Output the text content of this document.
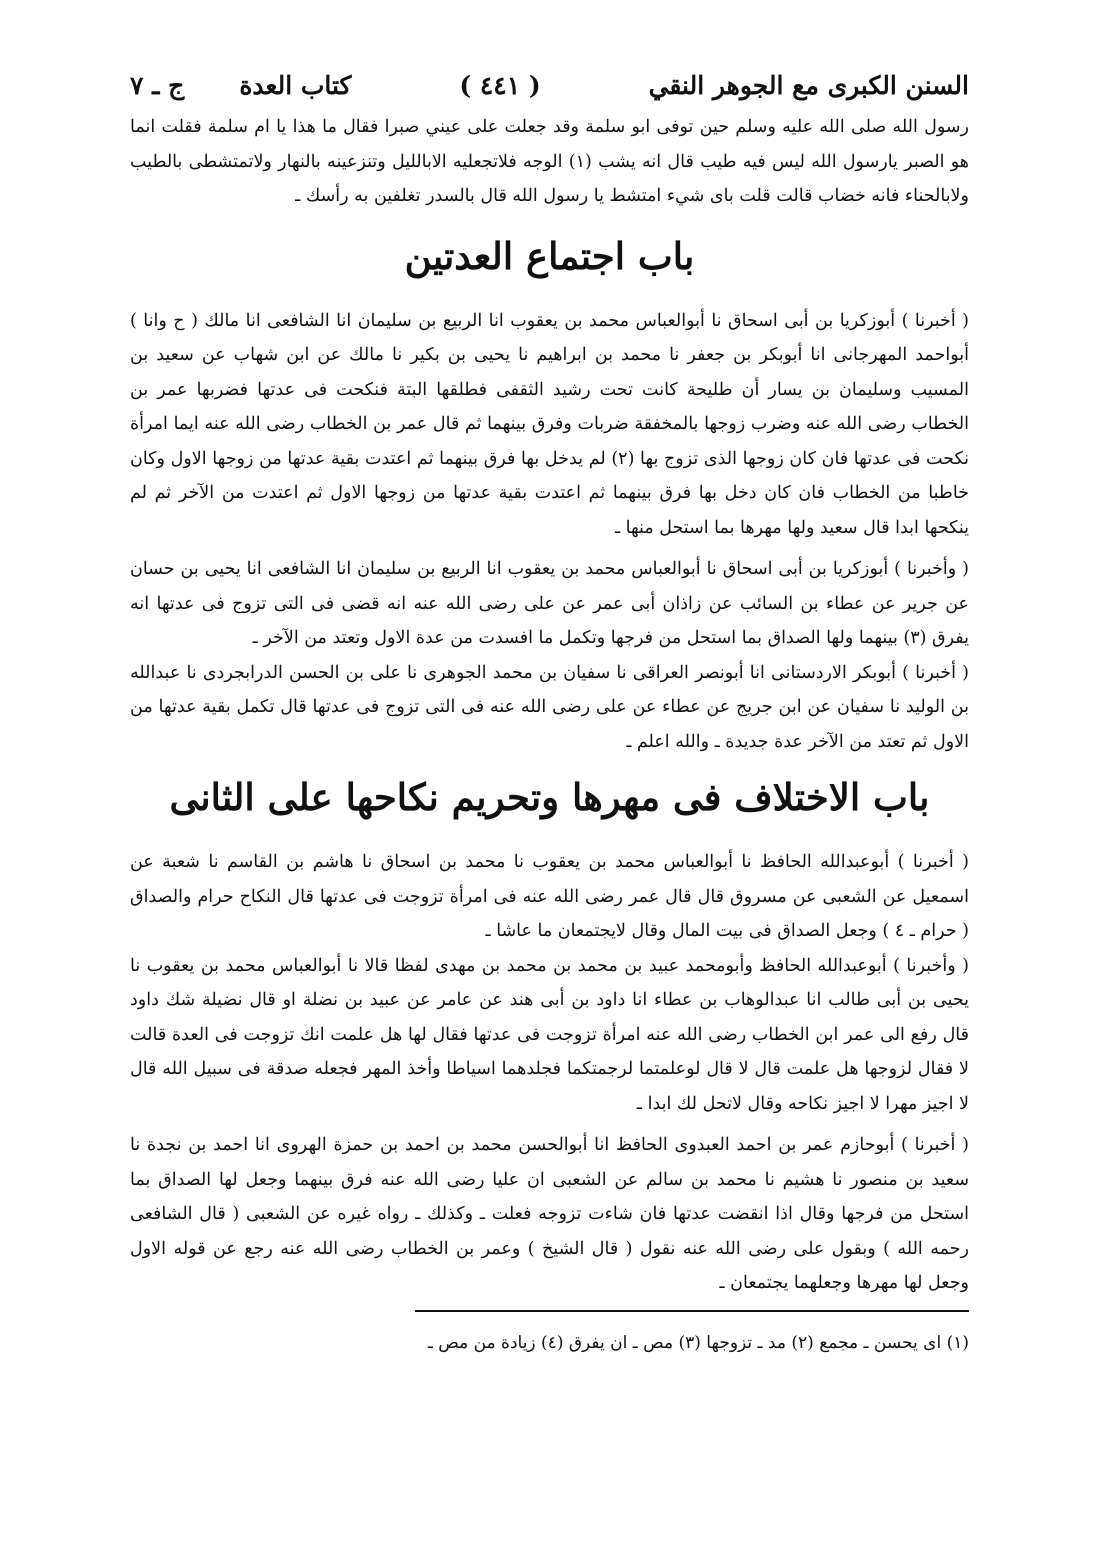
السنن الكبرى مع الجوهر النقي
( ٤٤١ )
كتاب العدة
ج ـ ٧

رسول الله صلى الله عليه وسلم حين توفى ابو سلمة وقد جعلت على عيني صبرا فقال ما هذا يا ام سلمة فقلت انما هو الصبر يارسول الله ليس فيه طيب قال انه يشب (١) الوجه فلاتجعليه الابالليل وتنزعينه بالنهار ولاتمتشطى بالطيب ولابالحناء فانه خضاب قالت قلت باى شيء امتشط يا رسول الله قال بالسدر تغلفين به رأسك ـ

باب اجتماع العدتين

( أخبرنا ) أبوزكريا بن أبى اسحاق نا أبوالعباس محمد بن يعقوب انا الربيع بن سليمان انا الشافعى انا مالك ( ح وانا ) أبواحمد المهرجانى انا أبوبكر بن جعفر نا محمد بن ابراهيم نا يحيى بن بكير نا مالك عن ابن شهاب عن سعيد بن المسيب وسليمان بن يسار أن طليحة كانت تحت رشيد الثقفى فطلقها البتة فنكحت فى عدتها فضربها عمر بن الخطاب رضى الله عنه وضرب زوجها بالمخفقة ضربات وفرق بينهما ثم قال عمر بن الخطاب رضى الله عنه ايما امرأة نكحت فى عدتها فان كان زوجها الذى تزوج بها (٢) لم يدخل بها فرق بينهما ثم اعتدت بقية عدتها من زوجها الاول وكان خاطبا من الخطاب فان كان دخل بها فرق بينهما ثم اعتدت بقية عدتها من زوجها الاول ثم اعتدت من الآخر ثم لم ينكحها ابدا قال سعيد ولها مهرها بما استحل منها ـ

( وأخبرنا ) أبوزكريا بن أبى اسحاق نا أبوالعباس محمد بن يعقوب انا الربيع بن سليمان انا الشافعى انا يحيى بن حسان عن جرير عن عطاء بن السائب عن زاذان أبى عمر عن على رضى الله عنه انه قضى فى التى تزوج فى عدتها انه يفرق (٣) بينهما ولها الصداق بما استحل من فرجها وتكمل ما افسدت من عدة الاول وتعتد من الآخر ـ

( أخبرنا ) أبوبكر الاردستانى انا أبونصر العراقى نا سفيان بن محمد الجوهرى نا على بن الحسن الدرابجردى نا عبدالله بن الوليد نا سفيان عن ابن جريج عن عطاء عن على رضى الله عنه فى التى تزوج فى عدتها قال تكمل بقية عدتها من الاول ثم تعتد من الآخر عدة جديدة ـ والله اعلم ـ

باب الاختلاف فى مهرها وتحريم نكاحها على الثانى

( أخبرنا ) أبوعبدالله الحافظ نا أبوالعباس محمد بن يعقوب نا محمد بن اسحاق نا هاشم بن القاسم نا شعبة عن اسمعيل عن الشعبى عن مسروق قال قال عمر رضى الله عنه فى امرأة تزوجت فى عدتها قال النكاح حرام والصداق ( حرام ـ ٤ ) وجعل الصداق فى بيت المال وقال لايجتمعان ما عاشا ـ

( وأخبرنا ) أبوعبدالله الحافظ وأبومحمد عبيد بن محمد بن محمد بن مهدى لفظا قالا نا أبوالعباس محمد بن يعقوب نا يحيى بن أبى طالب انا عبدالوهاب بن عطاء انا داود بن أبى هند عن عامر عن عبيد بن نضلة او قال نضيلة شك داود قال رفع الى عمر ابن الخطاب رضى الله عنه امرأة تزوجت فى عدتها فقال لها هل علمت انك تزوجت فى العدة قالت لا فقال لزوجها هل علمت قال لا قال لوعلمتما لرجمتكما فجلدهما اسياطا وأخذ المهر فجعله صدقة فى سبيل الله قال لا اجيز مهرا لا اجيز نكاحه وقال لاتحل لك ابدا ـ

( أخبرنا ) أبوحازم عمر بن احمد العبدوى الحافظ انا أبوالحسن محمد بن احمد بن حمزة الهروى انا احمد بن نجدة نا سعيد بن منصور نا هشيم نا محمد بن سالم عن الشعبى ان عليا رضى الله عنه فرق بينهما وجعل لها الصداق بما استحل من فرجها وقال اذا انقضت عدتها فان شاءت تزوجه فعلت ـ وكذلك ـ رواه غيره عن الشعبى ( قال الشافعى رحمه الله ) وبقول على رضى الله عنه نقول ( قال الشيخ ) وعمر بن الخطاب رضى الله عنه رجع عن قوله الاول وجعل لها مهرها وجعلهما يجتمعان ـ

(١) اى يحسن ـ مجمع (٢) مد ـ تزوجها (٣) مص ـ ان يفرق (٤) زيادة من مص ـ
